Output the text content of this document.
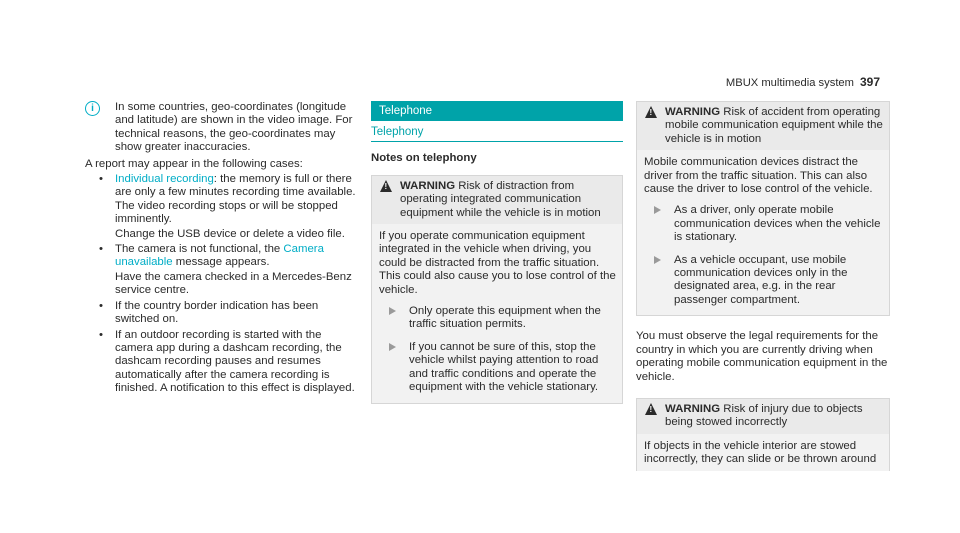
MBUX multimedia system 397
i	In some countries, geo-coordinates (longitude and latitude) are shown in the video image. For technical reasons, the geo-coordinates may show greater inaccuracies.

A report may appear in the following cases:

• Individual recording: the memory is full or there are only a few minutes recording time available. The video recording stops or will be stopped imminently.

Change the USB device or delete a video file.

• The camera is not functional, the Camera unavailable message appears.

Have the camera checked in a Mercedes-Benz service centre.

• If the country border indication has been switched on.

• If an outdoor recording is started with the camera app during a dashcam recording, the dashcam recording pauses and resumes automatically after the camera recording is finished. A notification to this effect is displayed.

Telephone
Telephony
Notes on telephony
! WARNING Risk of distraction from operating integrated communication equipment while the vehicle is in motion

If you operate communication equipment integrated in the vehicle when driving, you could be distracted from the traffic situation. This could also cause you to lose control of the vehicle.

Only operate this equipment when the traffic situation permits.

If you cannot be sure of this, stop the vehicle whilst paying attention to road and traffic conditions and operate the equipment with the vehicle stationary.

! WARNING Risk of accident from operating mobile communication equipment while the vehicle is in motion

Mobile communication devices distract the driver from the traffic situation. This can also cause the driver to lose control of the vehicle.

As a driver, only operate mobile communication devices when the vehicle is stationary.

As a vehicle occupant, use mobile communication devices only in the designated area, e.g. in the rear passenger compartment.

You must observe the legal requirements for the country in which you are currently driving when operating mobile communication equipment in the vehicle.

! WARNING Risk of injury due to objects being stowed incorrectly

If objects in the vehicle interior are stowed incorrectly, they can slide or be thrown around
